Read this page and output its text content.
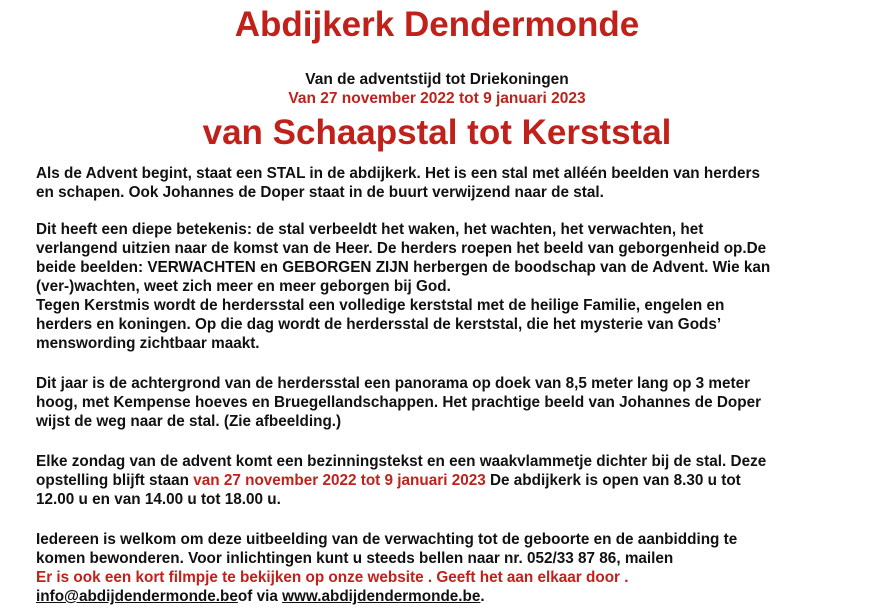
Abdijkerk Dendermonde
Van de adventstijd tot Driekoningen
Van 27 november 2022 tot 9 januari 2023
van Schaapstal tot Kerststal
Als de Advent begint, staat een STAL in de abdijkerk. Het is een stal met alléén beelden van herders
en schapen. Ook Johannes de Doper staat in de buurt verwijzend naar de stal.
Dit heeft een diepe betekenis: de stal verbeeldt het waken, het wachten, het verwachten, het
verlangend uitzien naar de komst van de Heer. De herders roepen het beeld van geborgenheid op.De
beide beelden: VERWACHTEN en GEBORGEN ZIJN herbergen de boodschap van de Advent. Wie kan
(ver-)wachten, weet zich meer en meer geborgen bij God.
Tegen Kerstmis wordt de herdersstal een volledige kerststal met de heilige Familie, engelen en
herders en koningen. Op die dag wordt de herdersstal de kerststal, die het mysterie van Gods’
menswording zichtbaar maakt.
Dit jaar is de achtergrond van de herdersstal een panorama op doek van 8,5 meter lang op 3 meter
hoog, met Kempense hoeves en Bruegellandschappen. Het prachtige beeld van Johannes de Doper
wijst de weg naar de stal. (Zie afbeelding.)
Elke zondag van de advent komt een bezinningstekst en een waakvlammetje dichter bij de stal. Deze
opstelling blijft staan van 27 november 2022 tot 9 januari 2023 De abdijkerk is open van 8.30 u tot
12.00 u en van 14.00 u tot 18.00 u.
Iedereen is welkom om deze uitbeelding van de verwachting tot de geboorte en de aanbidding te
komen bewonderen. Voor inlichtingen kunt u steeds bellen naar nr. 052/33 87 86, mailen
Er is ook een kort filmpje te bekijken op onze website . Geeft het aan elkaar door .
info@abdijdendermonde.beof via www.abdijdendermonde.be.
